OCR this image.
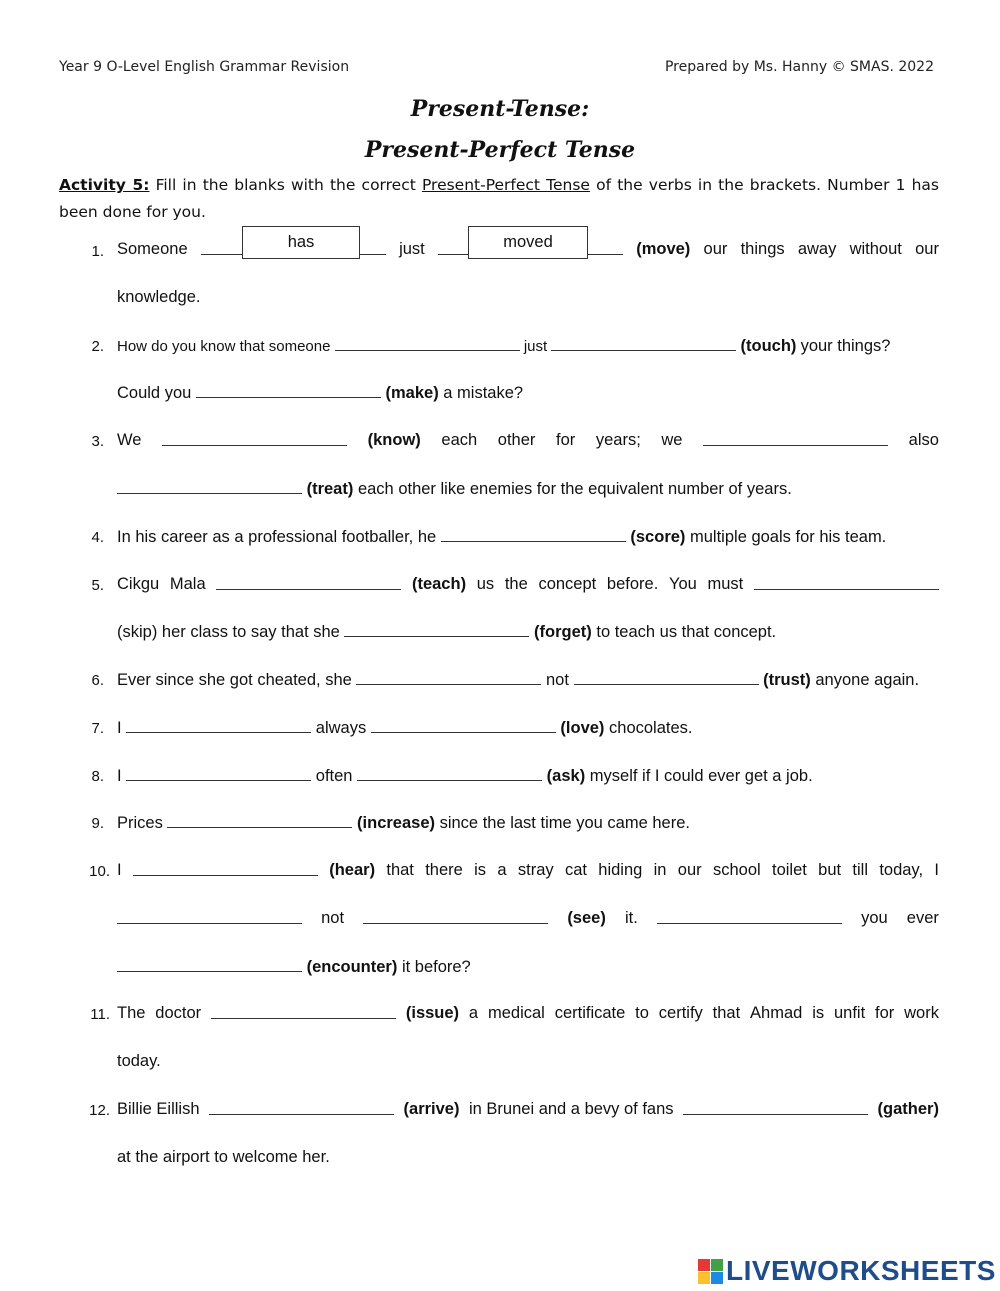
Year 9 O-Level English Grammar Revision	Prepared by Ms. Hanny © SMAS. 2022
Present-Tense:
Present-Perfect Tense
Activity 5: Fill in the blanks with the correct Present-Perfect Tense of the verbs in the brackets. Number 1 has been done for you.
1. Someone	just	(move) our things away without our
has	moved
knowledge.
2. How do you know that someone	just	(touch) your things?
Could you	(make) a mistake?
3. We	(know) each other for years; we	also
(treat) each other like enemies for the equivalent number of years.
4. In his career as a professional footballer, he	(score) multiple goals for his team.
5. Cikgu Mala	(teach) us the concept before. You must
(skip) her class to say that she	(forget) to teach us that concept.
6. Ever since she got cheated, she	not	(trust) anyone again.
7. I	always	(love) chocolates.
8. I	often	(ask) myself if I could ever get a job.
9. Prices	(increase) since the last time you came here.
10. I	(hear) that there is a stray cat hiding in our school toilet but till today, I
not	(see) it.	you ever
(encounter) it before?
11. The doctor	(issue) a medical certificate to certify that Ahmad is unfit for work
today.
12. Billie Eillish	(arrive) in Brunei and a bevy of fans	(gather)
at the airport to welcome her.
LIVEWORKSHEETS
